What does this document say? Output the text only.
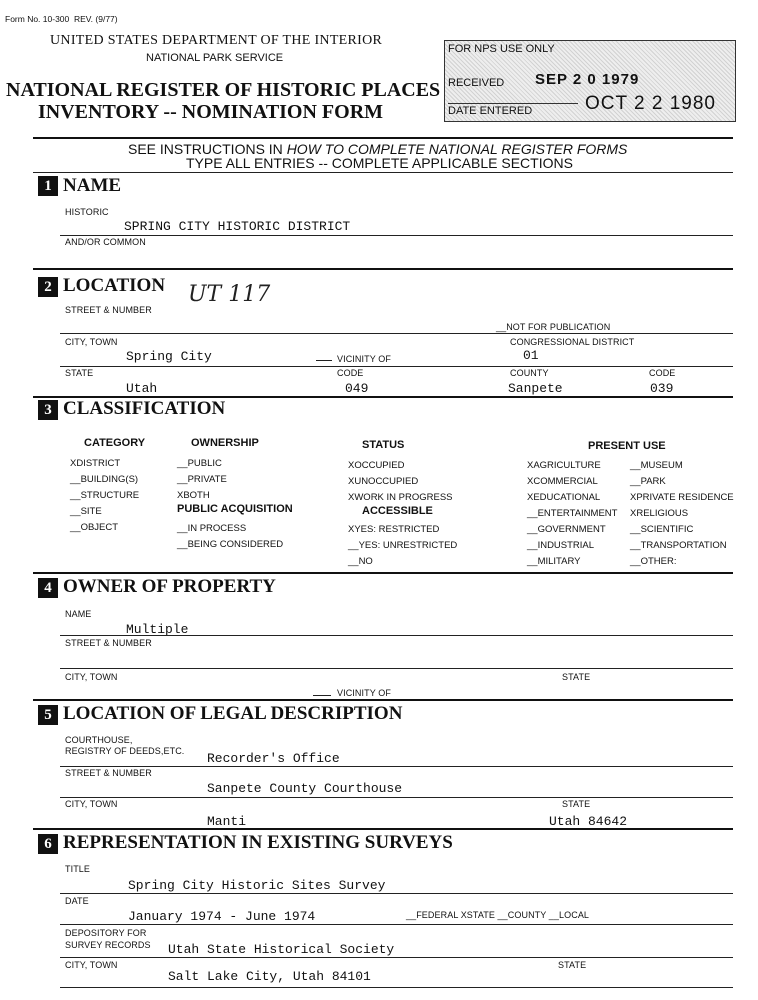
Form No. 10-300 REV. (9/77)
UNITED STATES DEPARTMENT OF THE INTERIOR
NATIONAL PARK SERVICE
NATIONAL REGISTER OF HISTORIC PLACES
INVENTORY -- NOMINATION FORM
FOR NPS USE ONLY
RECEIVED SEP 2 0 1979
DATE ENTERED	OCT 2 2 1980
SEE INSTRUCTIONS IN HOW TO COMPLETE NATIONAL REGISTER FORMS
TYPE ALL ENTRIES -- COMPLETE APPLICABLE SECTIONS
1 NAME
HISTORIC
SPRING CITY HISTORIC DISTRICT
AND/OR COMMON
2 LOCATION UT 117
STREET & NUMBER
__NOT FOR PUBLICATION
CITY, TOWN	CONGRESSIONAL DISTRICT
Spring City	VICINITY OF	01
STATE	CODE	COUNTY	CODE
Utah	049	Sanpete	039
3 CLASSIFICATION
CATEGORY
XDISTRICT
__BUILDING(S)
__STRUCTURE
__SITE
__OBJECT
OWNERSHIP
__PUBLIC
__PRIVATE
XBOTH
PUBLIC ACQUISITION
__IN PROCESS
__BEING CONSIDERED
STATUS
XOCCUPIED
XUNOCCUPIED
XWORK IN PROGRESS
ACCESSIBLE
XYES: RESTRICTED
__YES: UNRESTRICTED
__NO
PRESENT USE
XAGRICULTURE
XCOMMERCIAL
XEDUCATIONAL
__ENTERTAINMENT
__GOVERNMENT
__INDUSTRIAL
__MILITARY
__MUSEUM
__PARK
XPRIVATE RESIDENCE
XRELIGIOUS
__SCIENTIFIC
__TRANSPORTATION
__OTHER:
4 OWNER OF PROPERTY
NAME
Multiple
STREET & NUMBER
CITY, TOWN	STATE
VICINITY OF
5 LOCATION OF LEGAL DESCRIPTION
COURTHOUSE,
REGISTRY OF DEEDS,ETC. Recorder's Office
STREET & NUMBER
Sanpete County Courthouse
CITY, TOWN	STATE
Manti	Utah 84642
6 REPRESENTATION IN EXISTING SURVEYS
TITLE
Spring City Historic Sites Survey
DATE
January 1974 - June 1974	__FEDERAL XSTATE __COUNTY __LOCAL
DEPOSITORY FOR
SURVEY RECORDS Utah State Historical Society
CITY, TOWN	STATE
Salt Lake City, Utah 84101
